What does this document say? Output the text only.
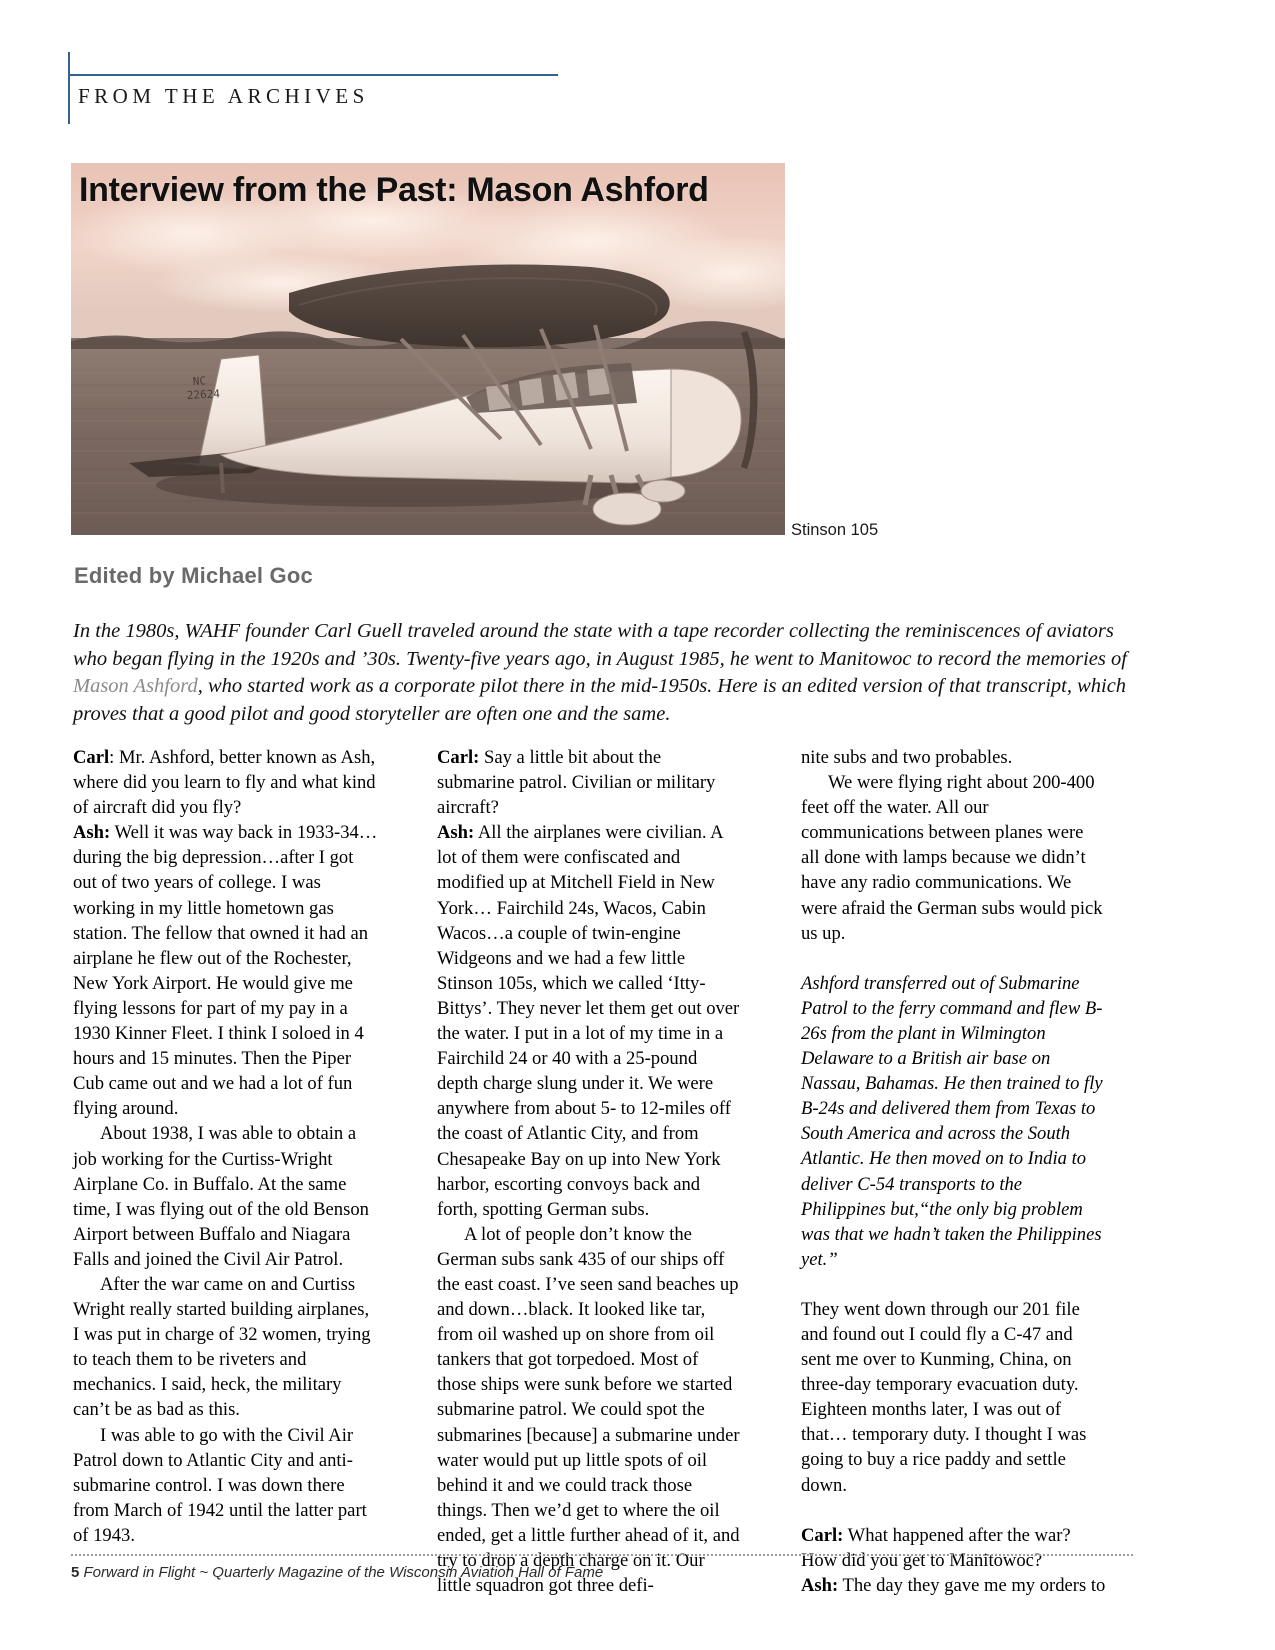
FROM THE ARCHIVES
NC
22624
Interview from the Past: Mason Ashford
Stinson 105
Edited by Michael Goc
In the 1980s, WAHF founder Carl Guell traveled around the state with a tape recorder collecting the reminiscences of aviators who began flying in the 1920s and ’30s. Twenty-five years ago, in August 1985, he went to Manitowoc to record the memories of Mason Ashford, who started work as a corporate pilot there in the mid-1950s. Here is an edited version of that transcript, which proves that a good pilot and good storyteller are often one and the same.

Carl: Mr. Ashford, better known as Ash, where did you learn to fly and what kind of aircraft did you fly?

Ash: Well it was way back in 1933-34… during the big depression…after I got out of two years of college. I was working in my little hometown gas station. The fellow that owned it had an airplane he flew out of the Rochester, New York Airport. He would give me flying lessons for part of my pay in a 1930 Kinner Fleet. I think I soloed in 4 hours and 15 minutes. Then the Piper Cub came out and we had a lot of fun flying around.

About 1938, I was able to obtain a job working for the Curtiss-Wright Airplane Co. in Buffalo. At the same time, I was flying out of the old Benson Airport between Buffalo and Niagara Falls and joined the Civil Air Patrol.

After the war came on and Curtiss Wright really started building airplanes, I was put in charge of 32 women, trying to teach them to be riveters and mechanics. I said, heck, the military can’t be as bad as this.

I was able to go with the Civil Air Patrol down to Atlantic City and anti-submarine control. I was down there from March of 1942 until the latter part of 1943.

Carl: Say a little bit about the submarine patrol. Civilian or military aircraft?

Ash: All the airplanes were civilian. A lot of them were confiscated and modified up at Mitchell Field in New York… Fairchild 24s, Wacos, Cabin Wacos…a couple of twin-engine Widgeons and we had a few little Stinson 105s, which we called ‘Itty-Bittys’. They never let them get out over the water. I put in a lot of my time in a Fairchild 24 or 40 with a 25-pound depth charge slung under it. We were anywhere from about 5- to 12-miles off the coast of Atlantic City, and from Chesapeake Bay on up into New York harbor, escorting convoys back and forth, spotting German subs.

A lot of people don’t know the German subs sank 435 of our ships off the east coast. I’ve seen sand beaches up and down…black. It looked like tar, from oil washed up on shore from oil tankers that got torpedoed. Most of those ships were sunk before we started submarine patrol. We could spot the submarines [because] a submarine under water would put up little spots of oil behind it and we could track those things. Then we’d get to where the oil ended, get a little further ahead of it, and try to drop a depth charge on it. Our little squadron got three defi-

nite subs and two probables.

We were flying right about 200-400 feet off the water. All our communications between planes were all done with lamps because we didn’t have any radio communications. We were afraid the German subs would pick us up.

Ashford transferred out of Submarine Patrol to the ferry command and flew B-26s from the plant in Wilmington Delaware to a British air base on Nassau, Bahamas. He then trained to fly B-24s and delivered them from Texas to South America and across the South Atlantic. He then moved on to India to deliver C-54 transports to the Philippines but,“the only big problem was that we hadn’t taken the Philippines yet.”

They went down through our 201 file and found out I could fly a C-47 and sent me over to Kunming, China, on three-day temporary evacuation duty. Eighteen months later, I was out of that… temporary duty. I thought I was going to buy a rice paddy and settle down.

Carl: What happened after the war? How did you get to Manitowoc?

Ash: The day they gave me my orders to

5 Forward in Flight ~ Quarterly Magazine of the Wisconsin Aviation Hall of Fame
